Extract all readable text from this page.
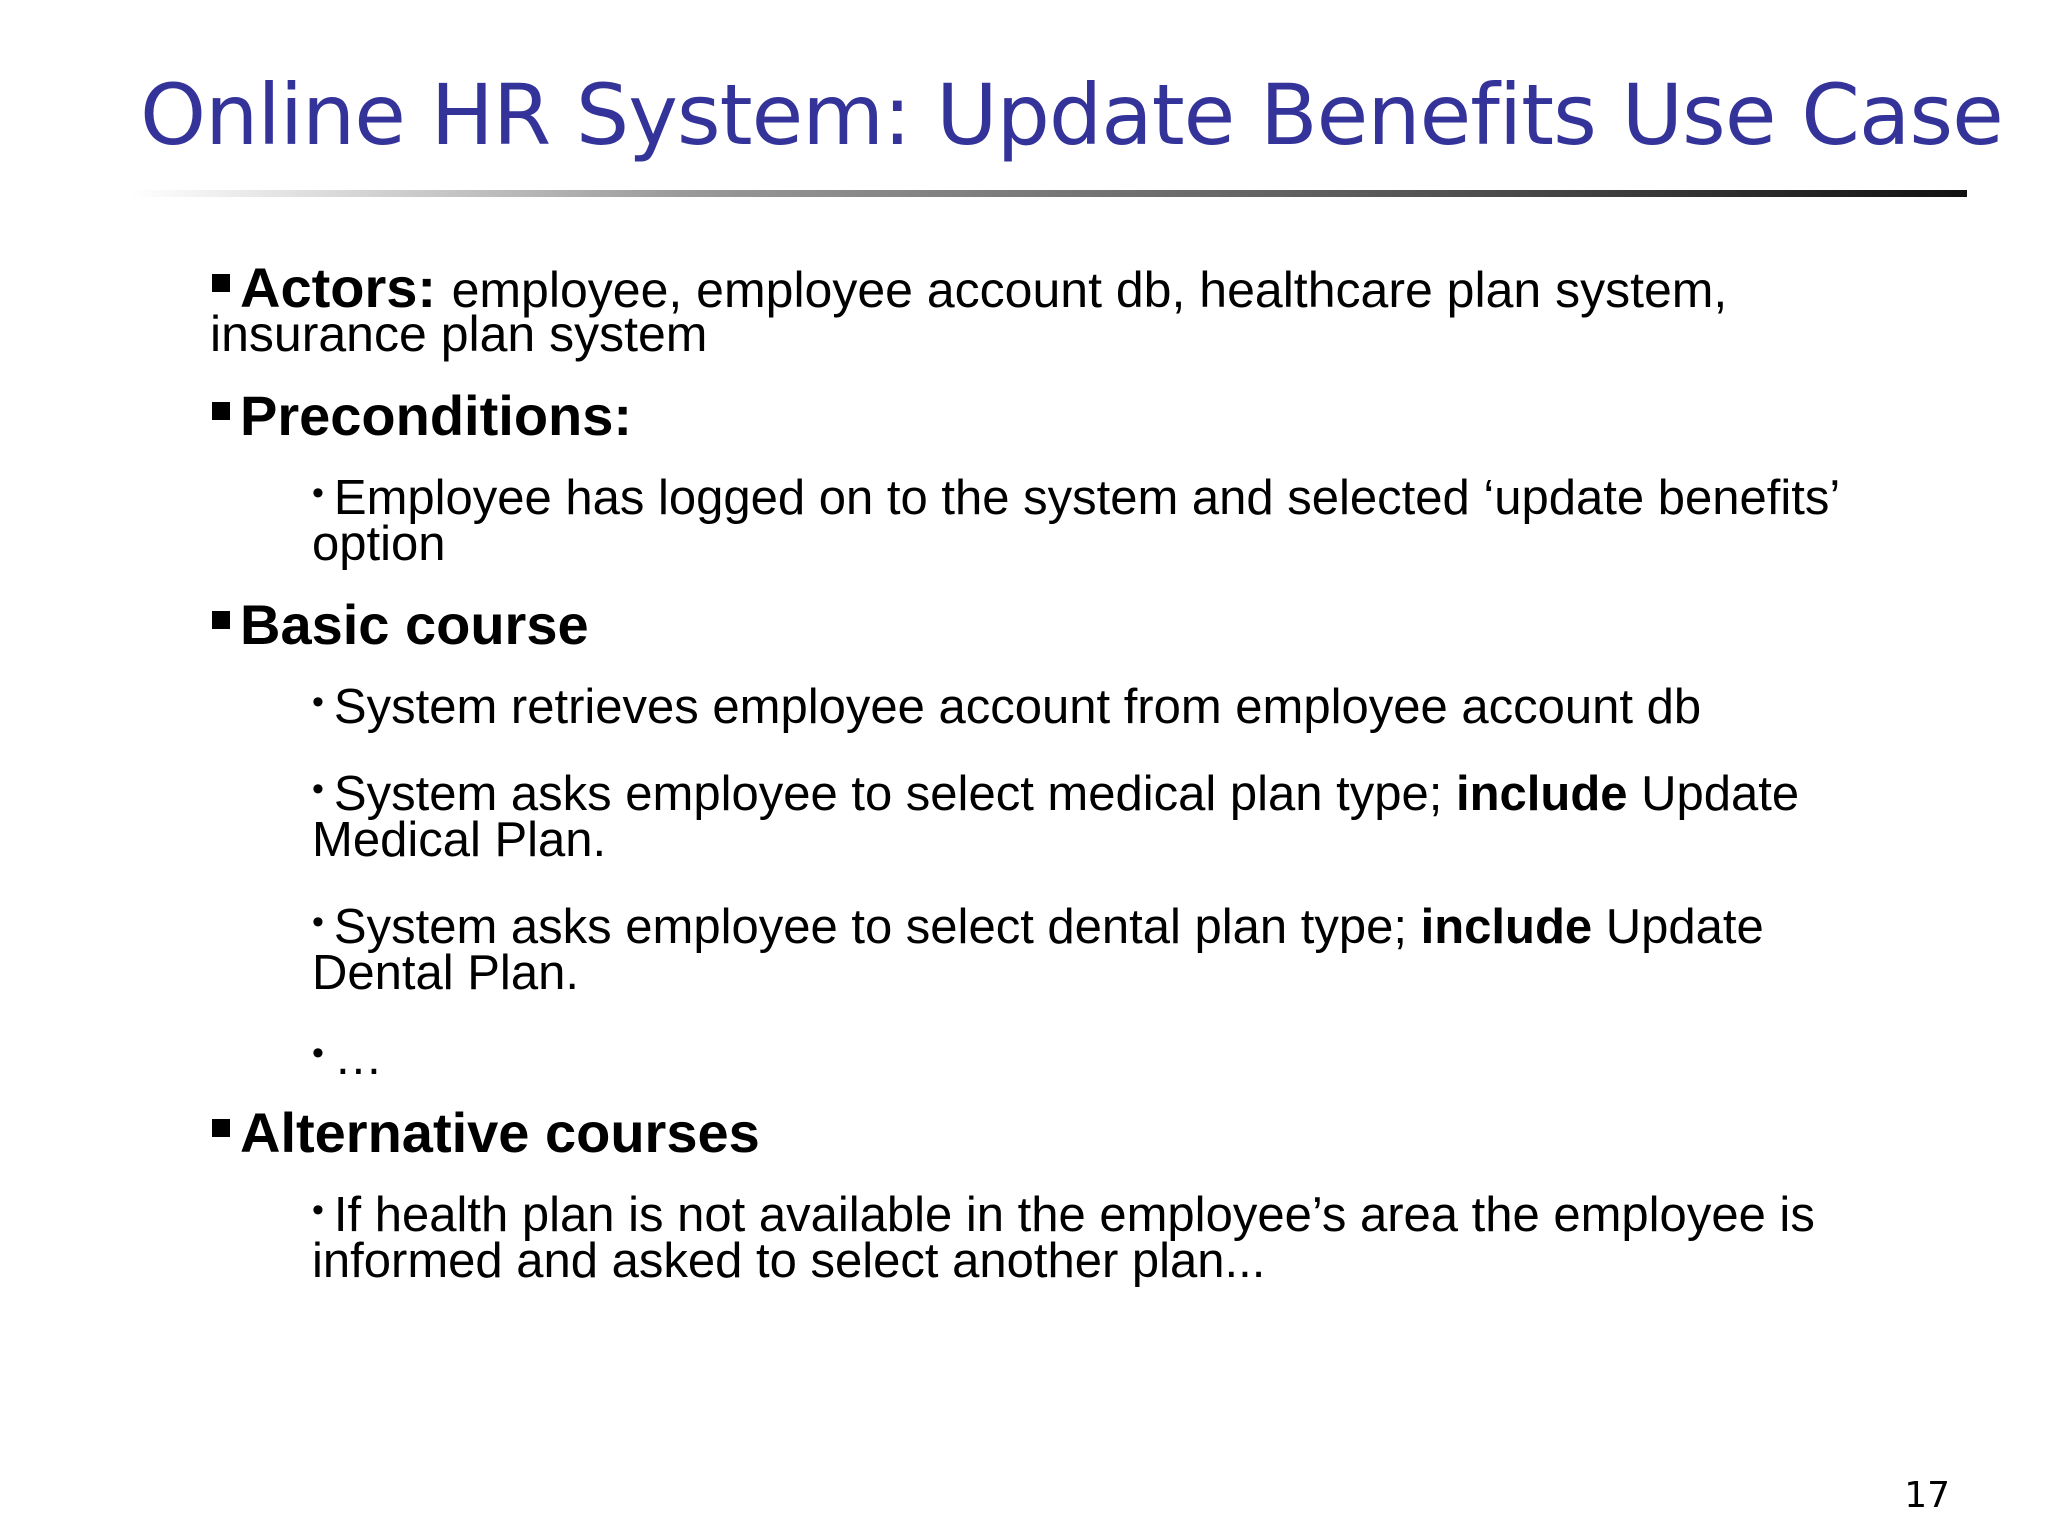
Online HR System: Update Benefits Use Case
Actors: employee, employee account db, healthcare plan system,
insurance plan system
Preconditions:
• Employee has logged on to the system and selected ‘update benefits’
option
Basic course
• System retrieves employee account from employee account db
• System asks employee to select medical plan type; include Update
Medical Plan.
• System asks employee to select dental plan type; include Update
Dental Plan.
• …
Alternative courses
• If health plan is not available in the employee’s area the employee is
informed and asked to select another plan...
17
